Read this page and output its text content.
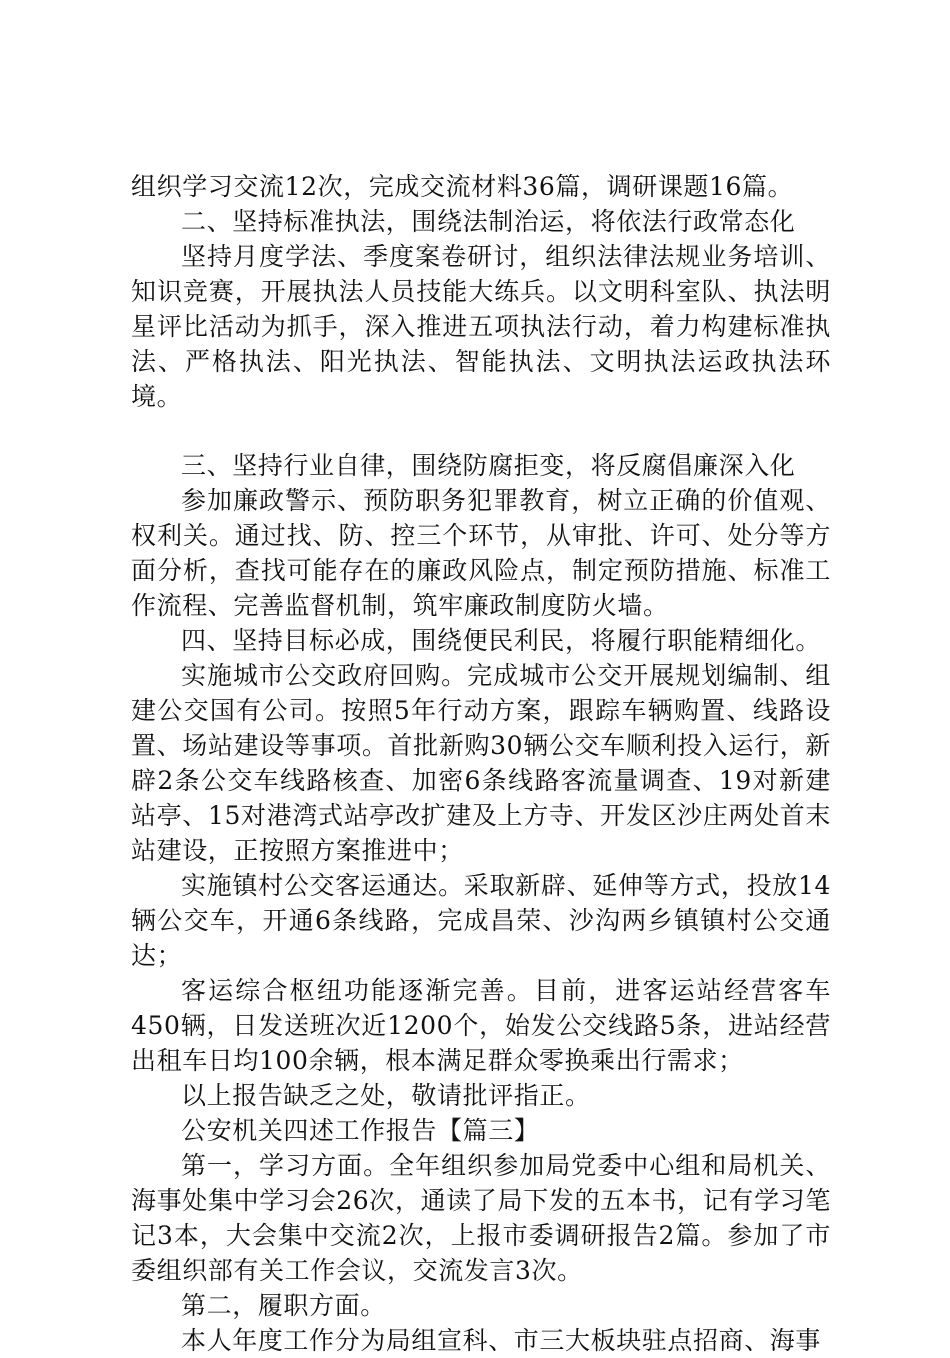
组织学习交流12次，完成交流材料36篇，调研课题16篇。

二、坚持标准执法，围绕法制治运，将依法行政常态化

坚持月度学法、季度案卷研讨，组织法律法规业务培训、知识竞赛，开展执法人员技能大练兵。以文明科室队、执法明星评比活动为抓手，深入推进五项执法行动，着力构建标准执法、严格执法、阳光执法、智能执法、文明执法运政执法环境。

三、坚持行业自律，围绕防腐拒变，将反腐倡廉深入化

参加廉政警示、预防职务犯罪教育，树立正确的价值观、权利关。通过找、防、控三个环节，从审批、许可、处分等方面分析，查找可能存在的廉政风险点，制定预防措施、标准工作流程、完善监督机制，筑牢廉政制度防火墙。

四、坚持目标必成，围绕便民利民，将履行职能精细化。

实施城市公交政府回购。完成城市公交开展规划编制、组建公交国有公司。按照5年行动方案，跟踪车辆购置、线路设置、场站建设等事项。首批新购30辆公交车顺利投入运行，新辟2条公交车线路核查、加密6条线路客流量调查、19对新建站亭、15对港湾式站亭改扩建及上方寺、开发区沙庄两处首末站建设，正按照方案推进中；

实施镇村公交客运通达。采取新辟、延伸等方式，投放14辆公交车，开通6条线路，完成昌荣、沙沟两乡镇镇村公交通达；

客运综合枢纽功能逐渐完善。目前，进客运站经营客车450辆，日发送班次近1200个，始发公交线路5条，进站经营出租车日均100余辆，根本满足群众零换乘出行需求；

以上报告缺乏之处，敬请批评指正。

公安机关四述工作报告【篇三】

第一，学习方面。全年组织参加局党委中心组和局机关、海事处集中学习会26次，通读了局下发的五本书，记有学习笔记3本，大会集中交流2次，上报市委调研报告2篇。参加了市委组织部有关工作会议，交流发言3次。

第二，履职方面。

本人年度工作分为局组宣科、市三大板块驻点招商、海事
